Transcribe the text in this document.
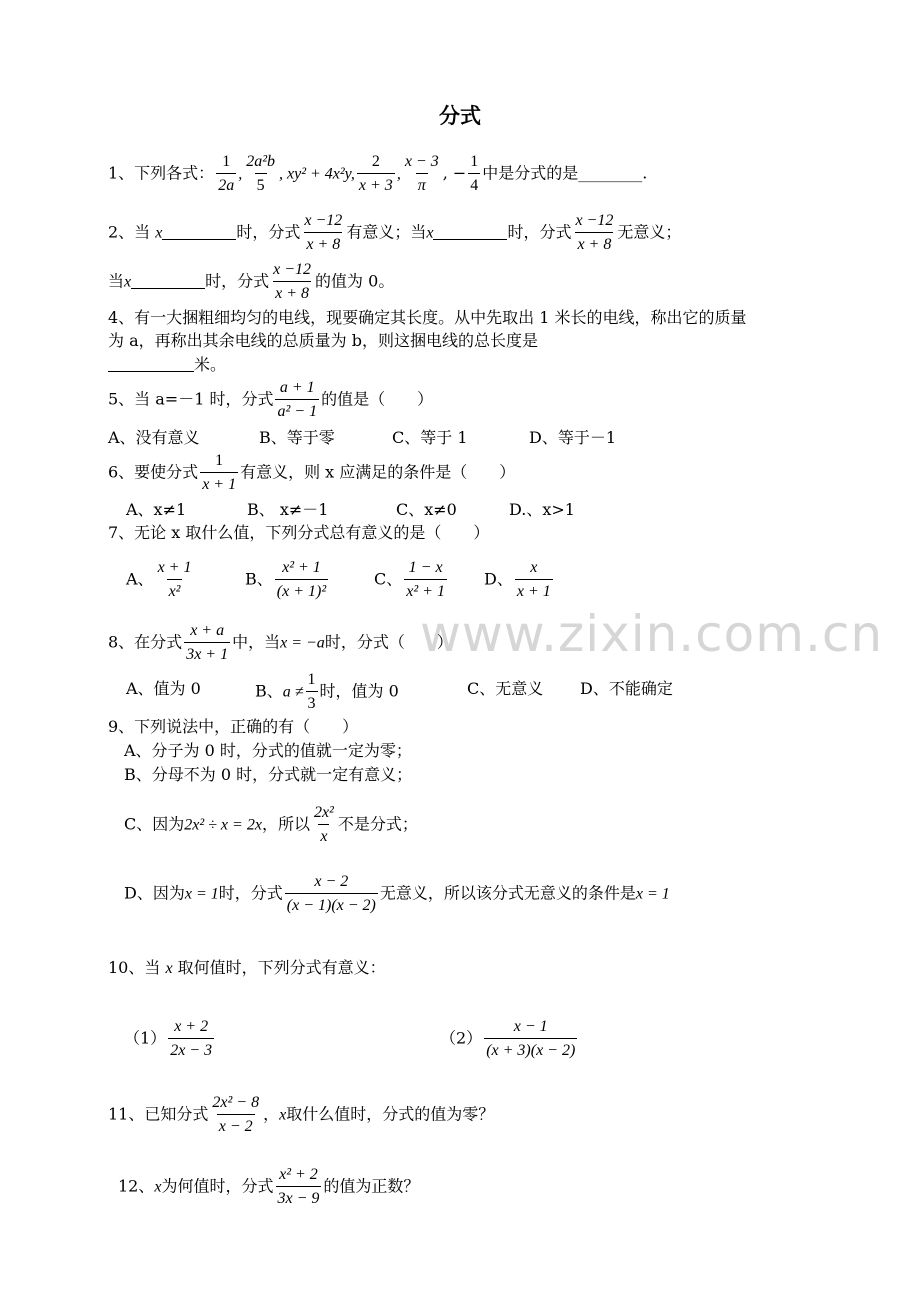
分式
1、下列各式： $\frac{1}{2a}$ , $\frac{\text{2a²b}}{5}$ , xy² + 4x²y, $\frac{2}{x + 3}$ , $\frac{x - 3}{\pi}$ , − $\frac{1}{4}$ 中是分式的是________.
2、当 x	时，分式 $\frac{x -12}{x + 8}$ 有意义；当x	时，分式 $\frac{x -12}{x + 8}$ 无意义；
当x	时，分式 $\frac{x -12}{x + 8}$ 的值为 0。
4、有一大捆粗细均匀的电线，现要确定其长度。从中先取出 1 米长的电线，称出它的质量
为 a，再称出其余电线的总质量为 b，则这捆电线的总长度是
米。
5、当 a=－1 时，分式 $\frac{a + 1}{\text{a² − 1}}$ 的值是（　　）
A、没有意义	B、等于零	C、等于 1	D、等于－1
6、要使分式 $\frac{1}{x + 1}$ 有意义，则 x 应满足的条件是（　　）
A、x≠1	B、 x≠－1	C、x≠0	D.、x>1
7、无论 x 取什么值，下列分式总有意义的是（　　）
A、 $\frac{x + 1}{\text{x²}}$	B、 $\frac{\text{x² + 1}}{\text{(x + 1)²}}$	C、 $\frac{1 - x}{\text{x² + 1}}$ D、 $\frac{x}{x + 1}$
www.zixin.com.cn
8、在分式 $\frac{x + a}{3x + 1}$ 中，当x = −a时，分式（　　）
A、值为 0	B、$a \ne \frac{1}{3}$ 时，值为 0	C、无意义 D、不能确定
9、下列说法中，正确的有（　　）
A、分子为 0 时，分式的值就一定为零；
B、分母不为 0 时，分式就一定有意义；
C、因为2x² ÷ x = 2x，所以 $\frac{\text{2x²}}{x}$ 不是分式；
D、因为x = 1时，分式 $\frac{x - 2}{(x - 1)(x - 2)}$ 无意义，所以该分式无意义的条件是x = 1
10、当 x 取何值时，下列分式有意义：
$(1) \frac{x + 2}{2x - 3}$	$(2) \frac{x - 1}{(x + 3)(x - 2)}$
11、已知分式 $\frac{\text{2x² − 8}}{x - 2}$ ，x取什么值时，分式的值为零？
12、x为何值时，分式 $\frac{\text{x² + 2}}{3x - 9}$ 的值为正数？
